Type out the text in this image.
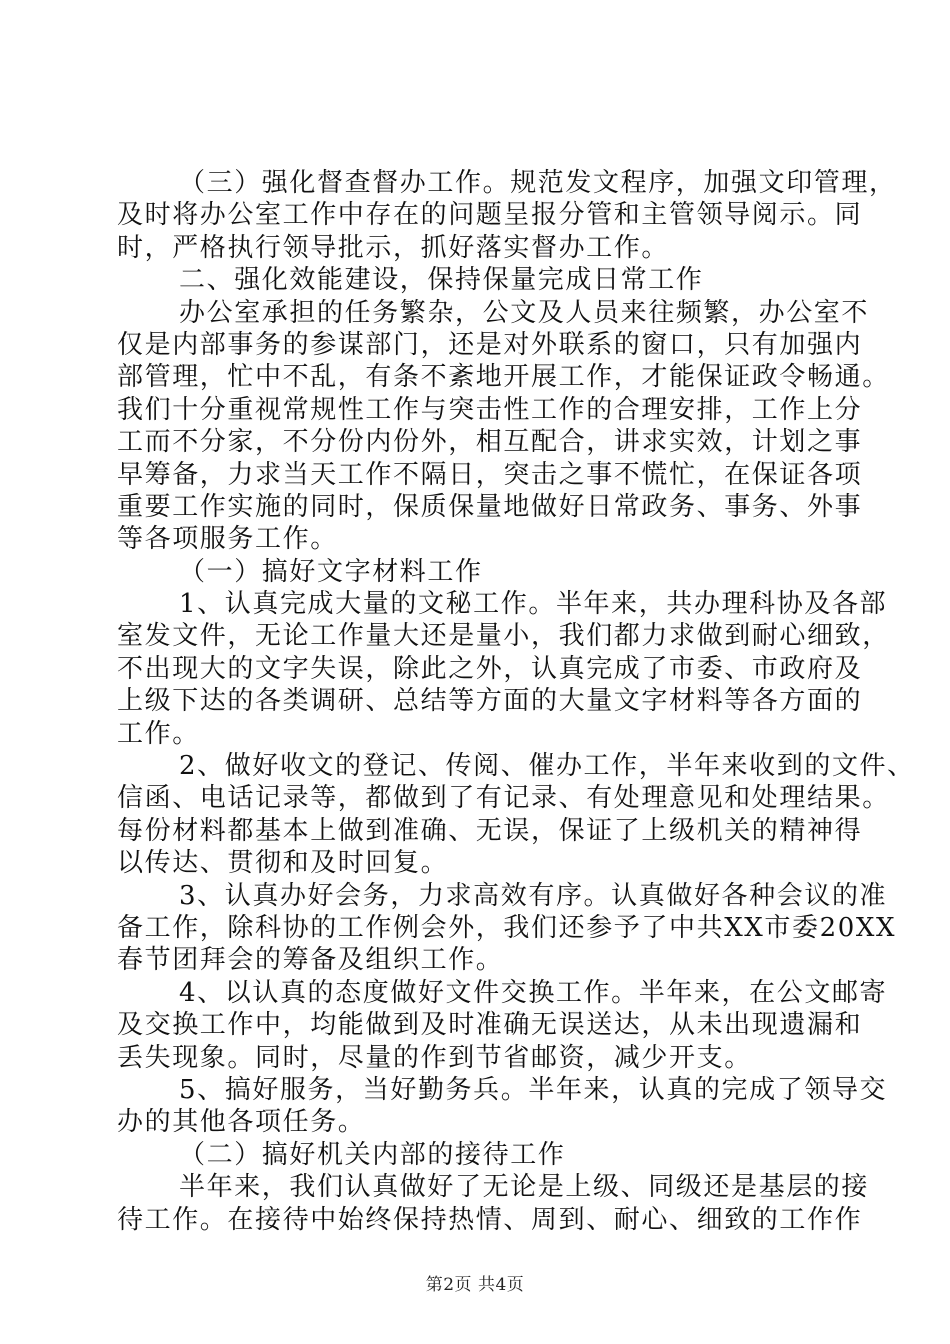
（三）强化督查督办工作。规范发文程序，加强文印管理，
及时将办公室工作中存在的问题呈报分管和主管领导阅示。同
时，严格执行领导批示，抓好落实督办工作。
二、强化效能建设，保持保量完成日常工作
办公室承担的任务繁杂，公文及人员来往频繁，办公室不
仅是内部事务的参谋部门，还是对外联系的窗口，只有加强内
部管理，忙中不乱，有条不紊地开展工作，才能保证政令畅通。
我们十分重视常规性工作与突击性工作的合理安排，工作上分
工而不分家，不分份内份外，相互配合，讲求实效，计划之事
早筹备，力求当天工作不隔日，突击之事不慌忙，在保证各项
重要工作实施的同时，保质保量地做好日常政务、事务、外事
等各项服务工作。
（一）搞好文字材料工作
1、认真完成大量的文秘工作。半年来，共办理科协及各部
室发文件，无论工作量大还是量小，我们都力求做到耐心细致，
不出现大的文字失误，除此之外，认真完成了市委、市政府及
上级下达的各类调研、总结等方面的大量文字材料等各方面的
工作。
2、做好收文的登记、传阅、催办工作，半年来收到的文件、
信函、电话记录等，都做到了有记录、有处理意见和处理结果。
每份材料都基本上做到准确、无误，保证了上级机关的精神得
以传达、贯彻和及时回复。
3、认真办好会务，力求高效有序。认真做好各种会议的准
备工作，除科协的工作例会外，我们还参予了中共XX市委20XX
春节团拜会的筹备及组织工作。
4、以认真的态度做好文件交换工作。半年来，在公文邮寄
及交换工作中，均能做到及时准确无误送达，从未出现遗漏和
丢失现象。同时，尽量的作到节省邮资，减少开支。
5、搞好服务，当好勤务兵。半年来，认真的完成了领导交
办的其他各项任务。
（二）搞好机关内部的接待工作
半年来，我们认真做好了无论是上级、同级还是基层的接
待工作。在接待中始终保持热情、周到、耐心、细致的工作作
第2页 共4页
